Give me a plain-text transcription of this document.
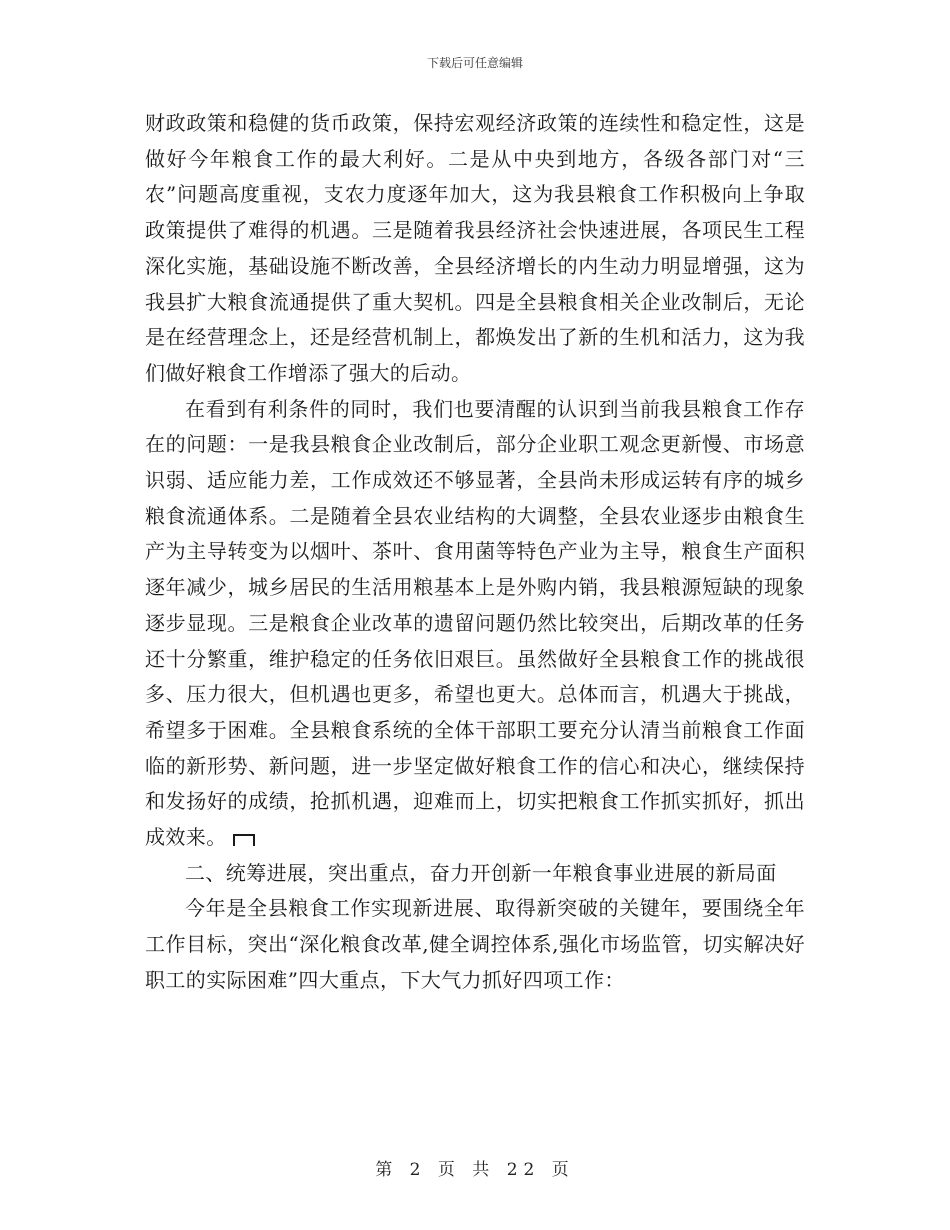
下载后可任意编辑

财政政策和稳健的货币政策，保持宏观经济政策的连续性和稳定性，这是做好今年粮食工作的最大利好。二是从中央到地方，各级各部门对“三农”问题高度重视，支农力度逐年加大，这为我县粮食工作积极向上争取政策提供了难得的机遇。三是随着我县经济社会快速进展，各项民生工程深化实施，基础设施不断改善，全县经济增长的内生动力明显增强，这为我县扩大粮食流通提供了重大契机。四是全县粮食相关企业改制后，无论是在经营理念上，还是经营机制上，都焕发出了新的生机和活力，这为我们做好粮食工作增添了强大的后动。

在看到有利条件的同时，我们也要清醒的认识到当前我县粮食工作存在的问题：一是我县粮食企业改制后，部分企业职工观念更新慢、市场意识弱、适应能力差，工作成效还不够显著，全县尚未形成运转有序的城乡粮食流通体系。二是随着全县农业结构的大调整，全县农业逐步由粮食生产为主导转变为以烟叶、茶叶、食用菌等特色产业为主导，粮食生产面积逐年减少，城乡居民的生活用粮基本上是外购内销，我县粮源短缺的现象逐步显现。三是粮食企业改革的遗留问题仍然比较突出，后期改革的任务还十分繁重，维护稳定的任务依旧艰巨。虽然做好全县粮食工作的挑战很多、压力很大，但机遇也更多，希望也更大。总体而言，机遇大于挑战，希望多于困难。全县粮食系统的全体干部职工要充分认清当前粮食工作面临的新形势、新问题，进一步坚定做好粮食工作的信心和决心，继续保持和发扬好的成绩，抢抓机遇，迎难而上，切实把粮食工作抓实抓好，抓出成效来。

二、统筹进展，突出重点，奋力开创新一年粮食事业进展的新局面

今年是全县粮食工作实现新进展、取得新突破的关键年，要围绕全年工作目标，突出“深化粮食改革,健全调控体系,强化市场监管，切实解决好职工的实际困难”四大重点，下大气力抓好四项工作：

第 2 页 共 22 页
